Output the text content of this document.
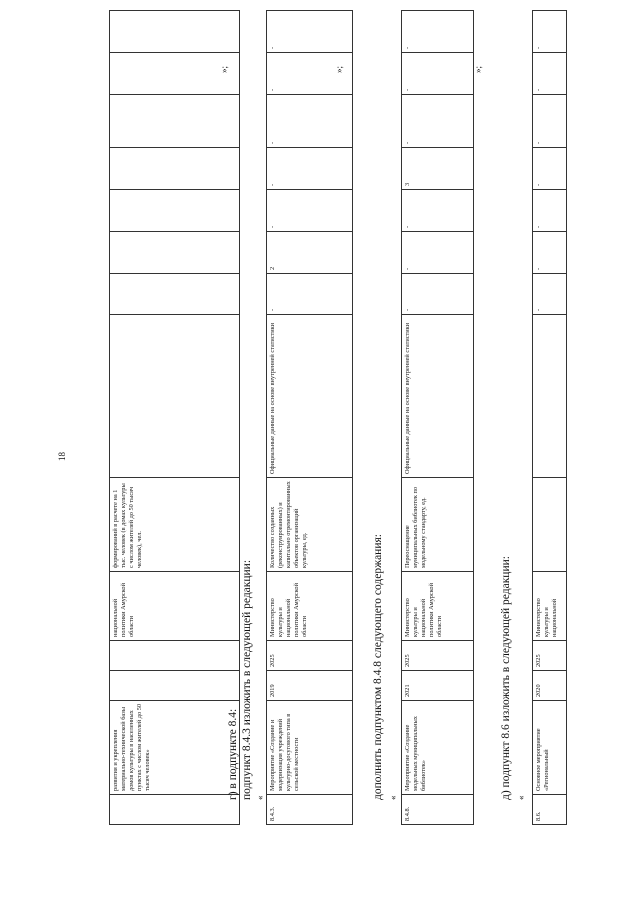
18
	развития и укрепления материально-технической базы домов культуры в населенных пунктах с числом жителей до 50 тысяч человек»			национальной политики Амурской области	формирований в расчете на 1 тыс. человек (в домах культуры с числом жителей до 50 тысяч человек), чел.								
»;
г) в подпункте 8.4: подпункт 8.4.3 изложить в следующей редакции: «
8.4.3.	Мероприятие «Создание и модернизация учреждений культурно-досугового типа в сельской местности	2019	2025	Министерство культуры и национальной политики Амурской области	Количество созданных (реконструированных) и капитально отремонтированных объектов организаций культуры, ед.	Официальные данные на основе внутренней статистики	-	2	-	-	-	-	-
»;
дополнить подпунктом 8.4.8 следующего содержания: «
8.4.8.	Мероприятие «Создание модельных муниципальных библиотек»	2021	2025	Министерство культуры и национальной политики Амурской области	Переоснащение муниципальных библиотек по модельному стандарту, ед.	Официальные данные на основе внутренней статистики	-	-	-	3	-	-	-
»;
д) подпункт 8.6 изложить в следующей редакции: «
8.6.	Основное мероприятие «Региональный	2020	2025	Министерство культуры и национальной			-	-	-	-	-	-	-
